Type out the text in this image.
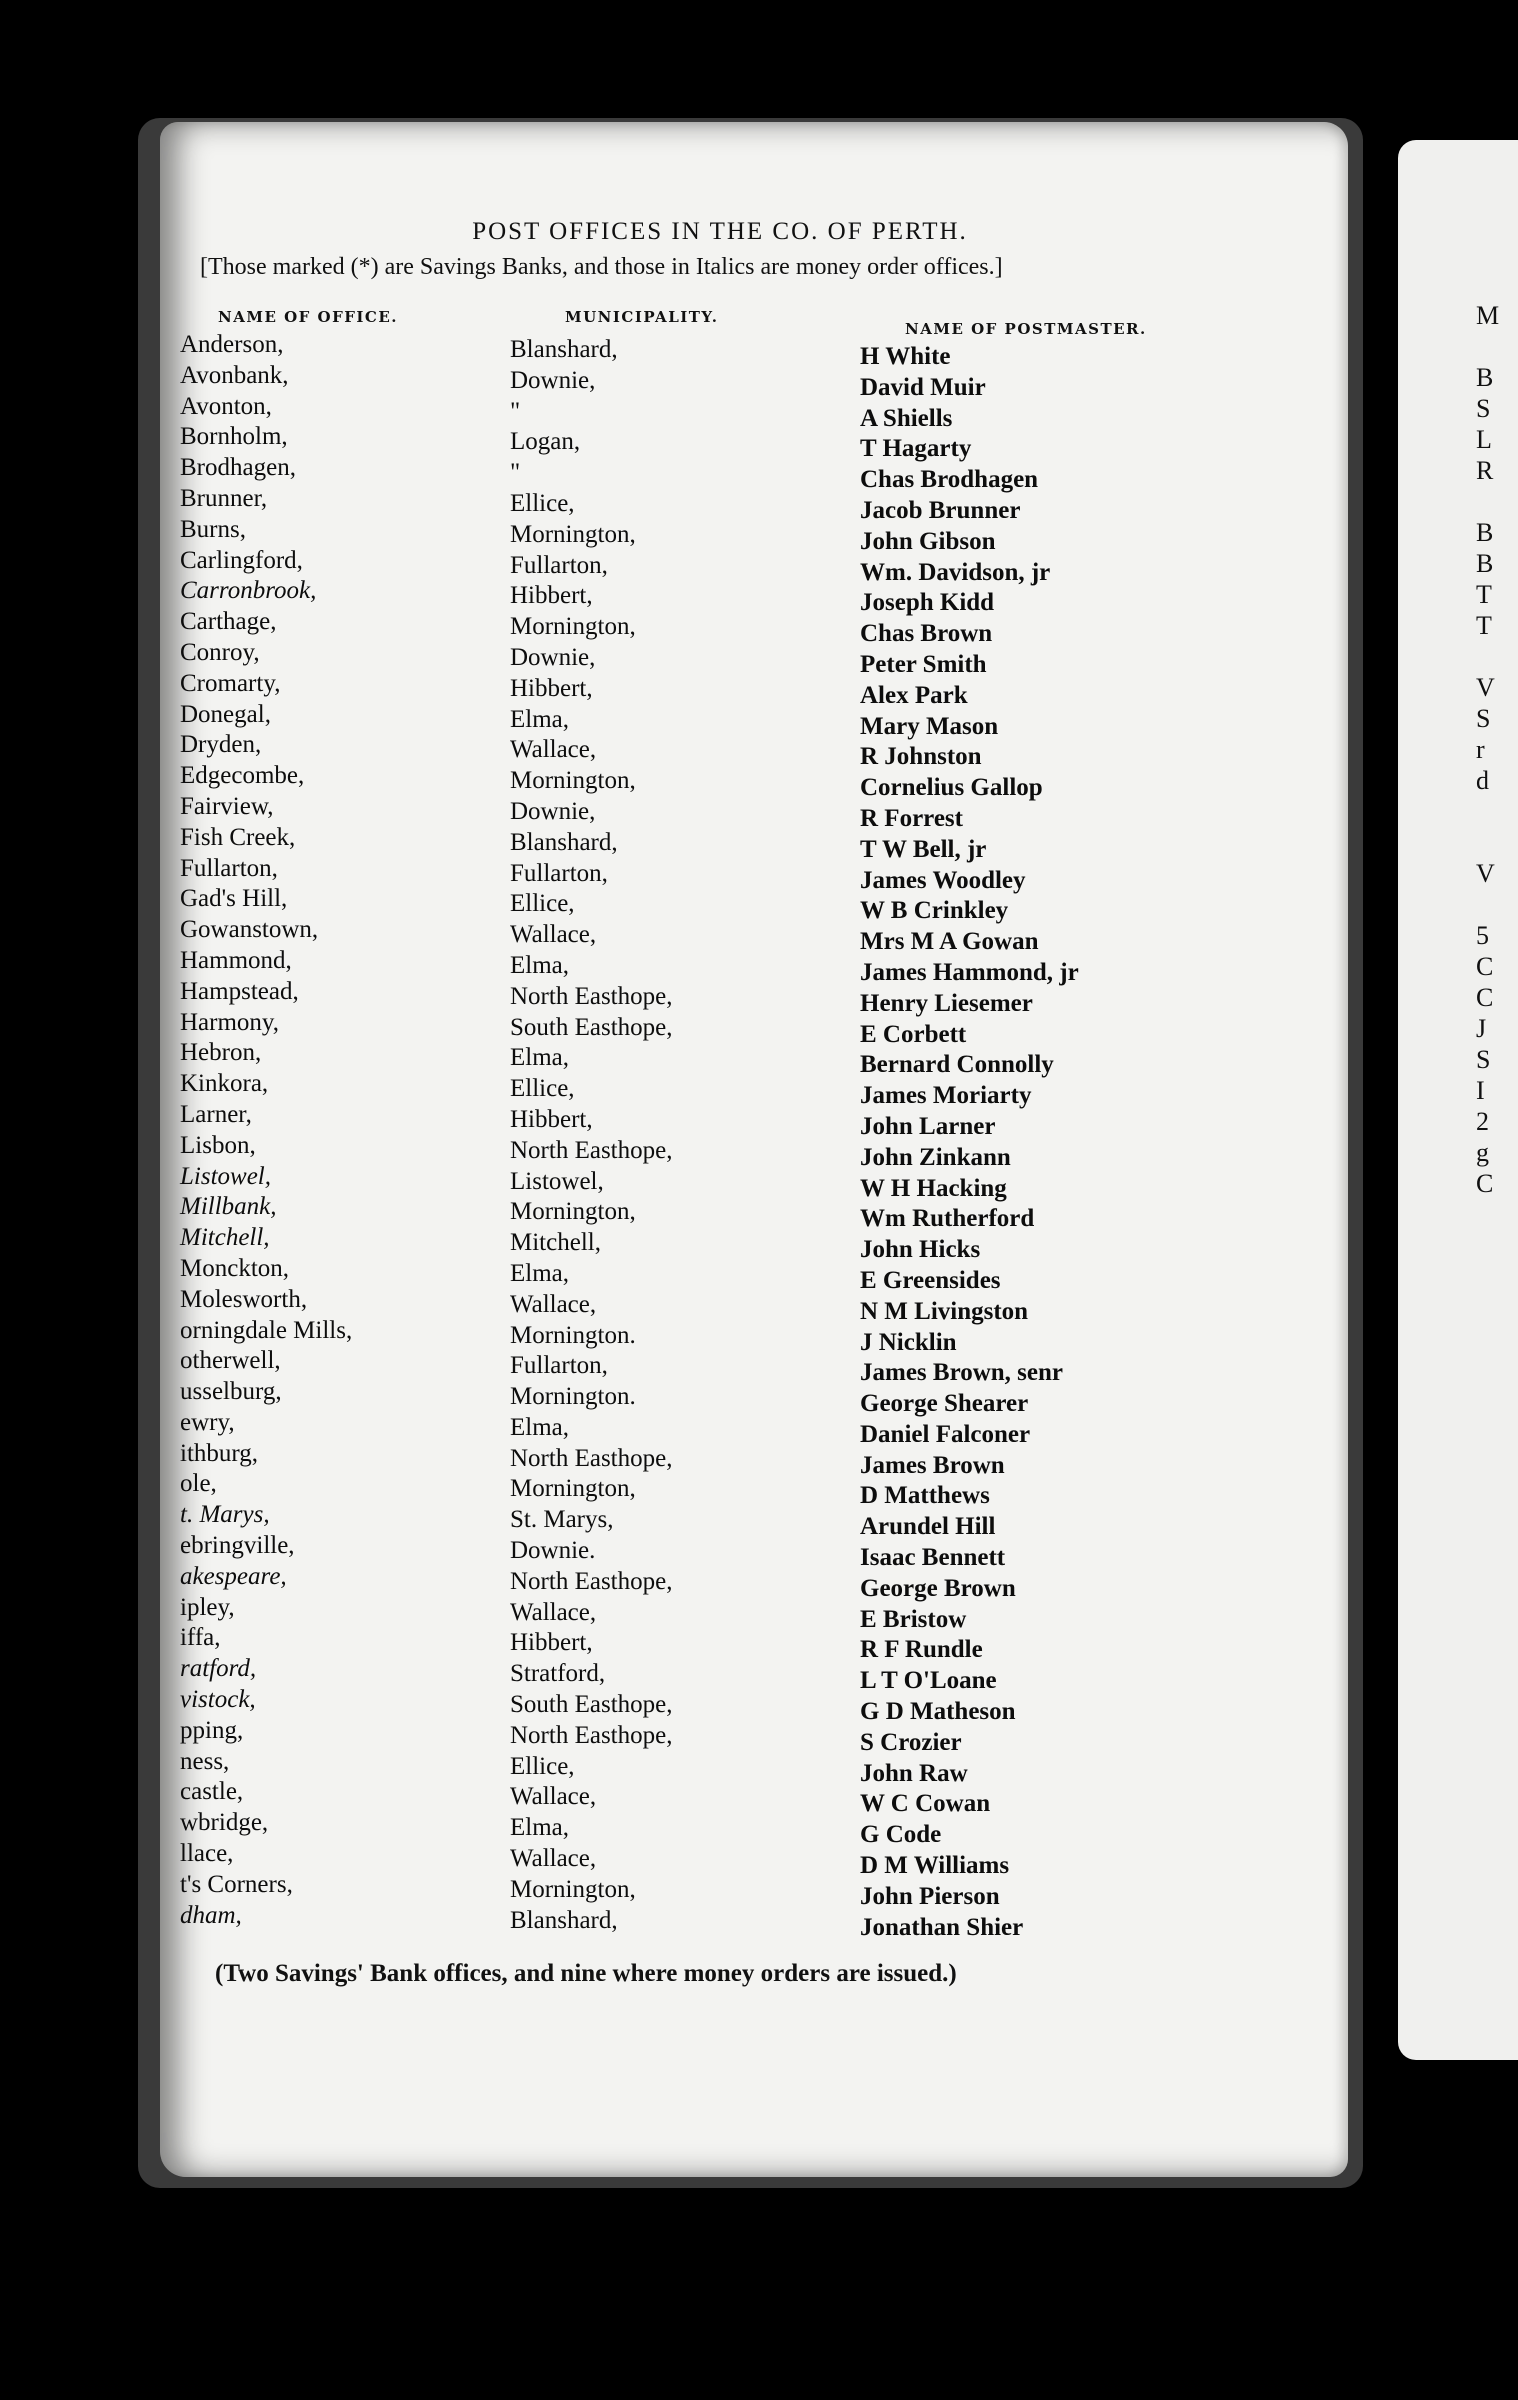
M

B
S
L
R

B
B
T
T

V
S
r
d

V

5
C
C
J
S
I
2
g
C
POST OFFICES IN THE CO. OF PERTH.
[Those marked (*) are Savings Banks, and those in Italics are money order offices.]
NAME OF OFFICE.	MUNICIPALITY.
NAME OF POSTMASTER.
Anderson,
Avonbank,
Avonton,
Bornholm,
Brodhagen,
Brunner,
Burns,
Carlingford,
Carronbrook,
Carthage,
Conroy,
Cromarty,
Donegal,
Dryden,
Edgecombe,
Fairview,
Fish Creek,
Fullarton,
Gad's Hill,
Gowanstown,
Hammond,
Hampstead,
Harmony,
Hebron,
Kinkora,
Larner,
Lisbon,
Listowel,
Millbank,
Mitchell,
Monckton,
Molesworth,
orningdale Mills,
otherwell,
usselburg,
ewry,
ithburg,
ole,
t. Marys,
ebringville,
akespeare,
ipley,
iffa,
ratford,
vistock,
pping,
ness,
castle,
wbridge,
llace,
t's Corners,
dham,
Blanshard,
Downie,
"
Logan,
"
Ellice,
Mornington,
Fullarton,
Hibbert,
Mornington,
Downie,
Hibbert,
Elma,
Wallace,
Mornington,
Downie,
Blanshard,
Fullarton,
Ellice,
Wallace,
Elma,
North Easthope,
South Easthope,
Elma,
Ellice,
Hibbert,
North Easthope,
Listowel,
Mornington,
Mitchell,
Elma,
Wallace,
Mornington.
Fullarton,
Mornington.
Elma,
North Easthope,
Mornington,
St. Marys,
Downie.
North Easthope,
Wallace,
Hibbert,
Stratford,
South Easthope,
North Easthope,
Ellice,
Wallace,
Elma,
Wallace,
Mornington,
Blanshard,
H White
David Muir
A Shiells
T Hagarty
Chas Brodhagen
Jacob Brunner
John Gibson
Wm. Davidson, jr
Joseph Kidd
Chas Brown
Peter Smith
Alex Park
Mary Mason
R Johnston
Cornelius Gallop
R Forrest
T W Bell, jr
James Woodley
W B Crinkley
Mrs M A Gowan
James Hammond, jr
Henry Liesemer
E Corbett
Bernard Connolly
James Moriarty
John Larner
John Zinkann
W H Hacking
Wm Rutherford
John Hicks
E Greensides
N M Livingston
J Nicklin
James Brown, senr
George Shearer
Daniel Falconer
James Brown
D Matthews
Arundel Hill
Isaac Bennett
George Brown
E Bristow
R F Rundle
L T O'Loane
G D Matheson
S Crozier
John Raw
W C Cowan
G Code
D M Williams
John Pierson
Jonathan Shier
(Two Savings' Bank offices, and nine where money orders are issued.)
